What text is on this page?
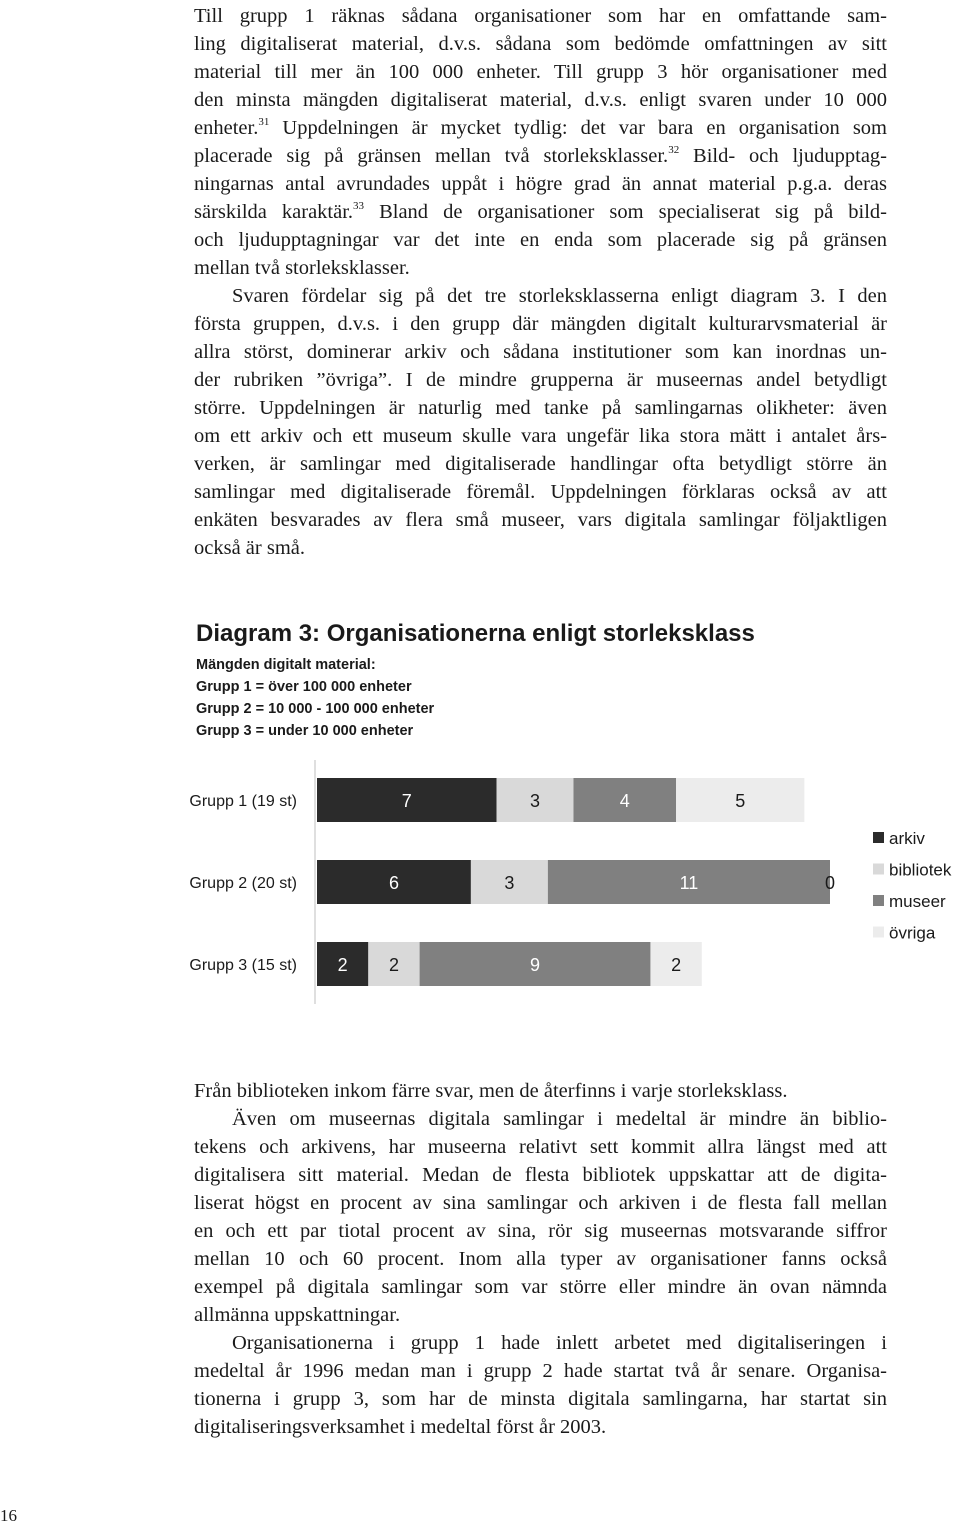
Till grupp 1 räknas sådana organisationer som har en omfattande sam-
ling digitaliserat material, d.v.s. sådana som bedömde omfattningen av sitt
material till mer än 100 000 enheter. Till grupp 3 hör organisationer med
den minsta mängden digitaliserat material, d.v.s. enligt svaren under 10 000
enheter.$^{31}$ Uppdelningen är mycket tydlig: det var bara en organisation som
placerade sig på gränsen mellan två storleksklasser.$^{32}$ Bild- och ljudupptag-
ningarnas antal avrundades uppåt i högre grad än annat material p.g.a. deras
särskilda karaktär.$^{33}$ Bland de organisationer som specialiserat sig på bild-
och ljudupptagningar var det inte en enda som placerade sig på gränsen
mellan två storleksklasser.
Svaren fördelar sig på det tre storleksklasserna enligt diagram 3. I den
första gruppen, d.v.s. i den grupp där mängden digitalt kulturarvsmaterial är
allra störst, dominerar arkiv och sådana institutioner som kan inordnas un-
der rubriken ”övriga”. I de mindre grupperna är museernas andel betydligt
större. Uppdelningen är naturlig med tanke på samlingarnas olikheter: även
om ett arkiv och ett museum skulle vara ungefär lika stora mätt i antalet års-
verken, är samlingar med digitaliserade handlingar ofta betydligt större än
samlingar med digitaliserade föremål. Uppdelningen förklaras också av att
enkäten besvarades av flera små museer, vars digitala samlingar följaktligen
också är små.
Diagram 3: Organisationerna enligt storleksklass
Mängden digitalt material:
Grupp 1 = över 100 000 enheter
Grupp 2 = 10 000 - 100 000 enheter
Grupp 3 = under 10 000 enheter
Grupp 1 (19 st)	7	3	4	5
Grupp 2 (20 st)	6	3	11	0
Grupp 3 (15 st) 2 2	9	2
arkiv
bibliotek
museer
övriga
Från biblioteken inkom färre svar, men de återfinns i varje storleksklass.
Även om museernas digitala samlingar i medeltal är mindre än biblio-
tekens och arkivens, har museerna relativt sett kommit allra längst med att
digitalisera sitt material. Medan de flesta bibliotek uppskattar att de digita-
liserat högst en procent av sina samlingar och arkiven i de flesta fall mellan
en och ett par tiotal procent av sina, rör sig museernas motsvarande siffror
mellan 10 och 60 procent. Inom alla typer av organisationer fanns också
exempel på digitala samlingar som var större eller mindre än ovan nämnda
allmänna uppskattningar.
Organisationerna i grupp 1 hade inlett arbetet med digitaliseringen i
medeltal år 1996 medan man i grupp 2 hade startat två år senare. Organisa-
tionerna i grupp 3, som har de minsta digitala samlingarna, har startat sin
digitaliseringsverksamhet i medeltal först år 2003.
16
